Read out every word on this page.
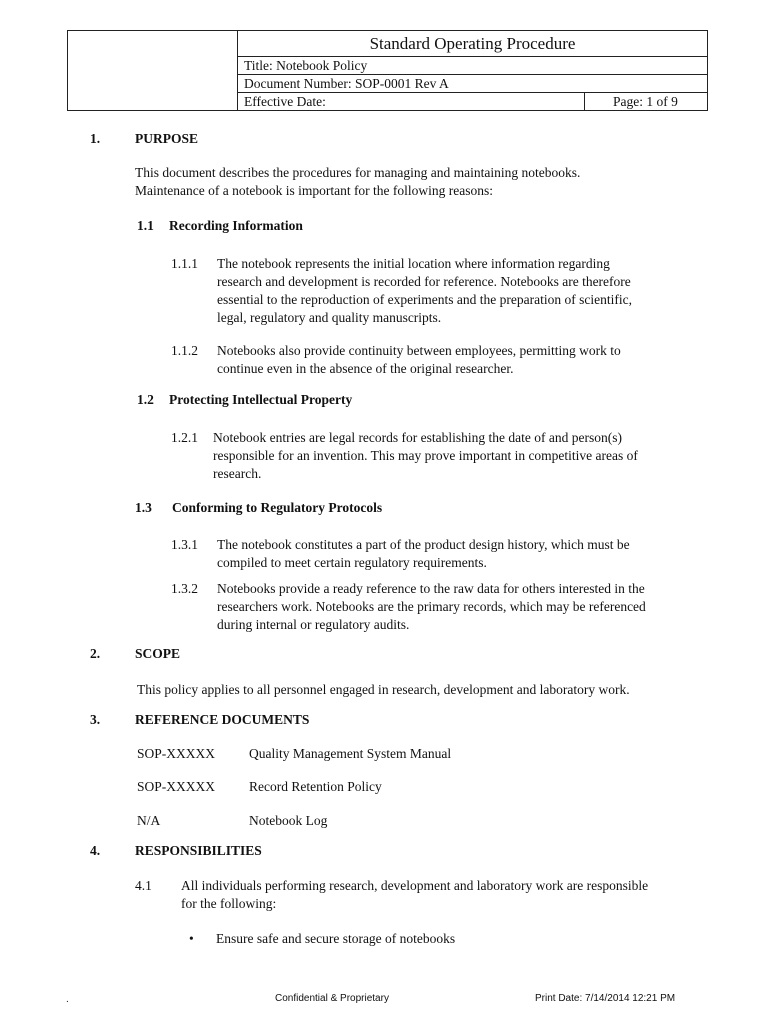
Standard Operating Procedure
Title: Notebook Policy
Document Number: SOP-0001 Rev A
Effective Date:	Page: 1 of 9
1.	PURPOSE
This document describes the procedures for managing and maintaining notebooks.
Maintenance of a notebook is important for the following reasons:
1.1 Recording Information
1.1.1 The notebook represents the initial location where information regarding
research and development is recorded for reference. Notebooks are therefore
essential to the reproduction of experiments and the preparation of scientific,
legal, regulatory and quality manuscripts.
1.1.2 Notebooks also provide continuity between employees, permitting work to
continue even in the absence of the original researcher.
1.2 Protecting Intellectual Property
1.2.1 Notebook entries are legal records for establishing the date of and person(s)
responsible for an invention. This may prove important in competitive areas of
research.
1.3 Conforming to Regulatory Protocols
1.3.1 The notebook constitutes a part of the product design history, which must be
compiled to meet certain regulatory requirements.
1.3.2 Notebooks provide a ready reference to the raw data for others interested in the
researchers work. Notebooks are the primary records, which may be referenced
during internal or regulatory audits.
2.	SCOPE
This policy applies to all personnel engaged in research, development and laboratory work.
3.	REFERENCE DOCUMENTS
SOP-XXXXX	Quality Management System Manual
SOP-XXXXX	Record Retention Policy
N/A	Notebook Log
4.	RESPONSIBILITIES
4.1 All individuals performing research, development and laboratory work are responsible
for the following:
• Ensure safe and secure storage of notebooks
.	Confidential & Proprietary	Print Date: 7/14/2014 12:21 PM
